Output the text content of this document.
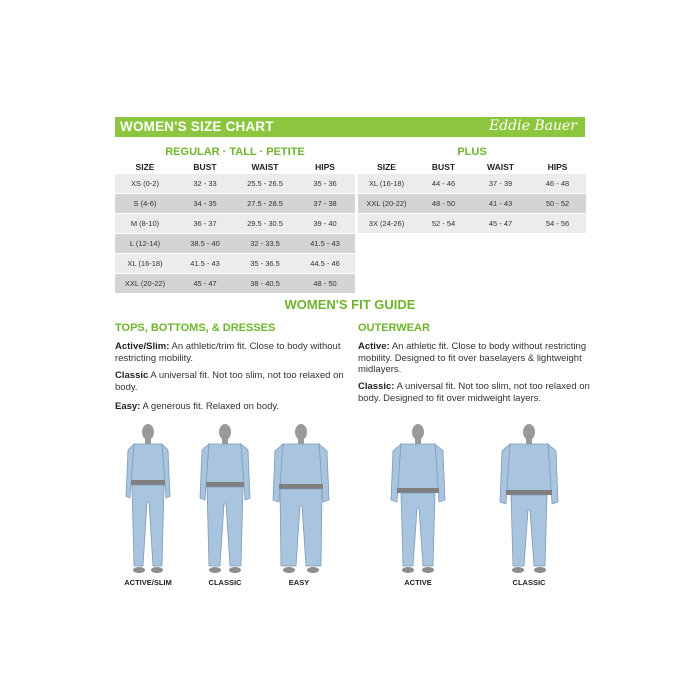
WOMEN'S SIZE CHART	Eddie Bauer
REGULAR · TALL · PETITE
SIZE	BUST	WAIST	HIPS
XS (0-2)	32 - 33	25.5 - 26.5	35 - 36
S (4-6)	34 - 35	27.5 - 28.5	37 - 38
M (8-10)	36 - 37	29.5 - 30.5	39 - 40
L (12-14)	38.5 - 40	32 - 33.5	41.5 - 43
XL (16-18)	41.5 - 43	35 - 36.5	44.5 - 46
XXL (20-22)	45 - 47	38 - 40.5	48 - 50
PLUS
SIZE	BUST	WAIST	HIPS
XL (16-18)	44 - 46	37 - 39	46 - 48
XXL (20-22)	48 - 50	41 - 43	50 - 52
3X (24-26)	52 - 54	45 - 47	54 - 56
WOMEN'S FIT GUIDE
TOPS, BOTTOMS, & DRESSES
Active/Slim: An athletic/trim fit. Close to body without restricting mobility.
Classic A universal fit. Not too slim, not too relaxed on body.
Easy: A generous fit. Relaxed on body.
OUTERWEAR
Active: An athletic fit. Close to body without restricting mobility. Designed to fit over baselayers & lightweight midlayers.
Classic: A universal fit. Not too slim, not too relaxed on body. Designed to fit over midweight layers.
ACTIVE/SLIM	CLASSIC	EASY	ACTIVE	CLASSIC
